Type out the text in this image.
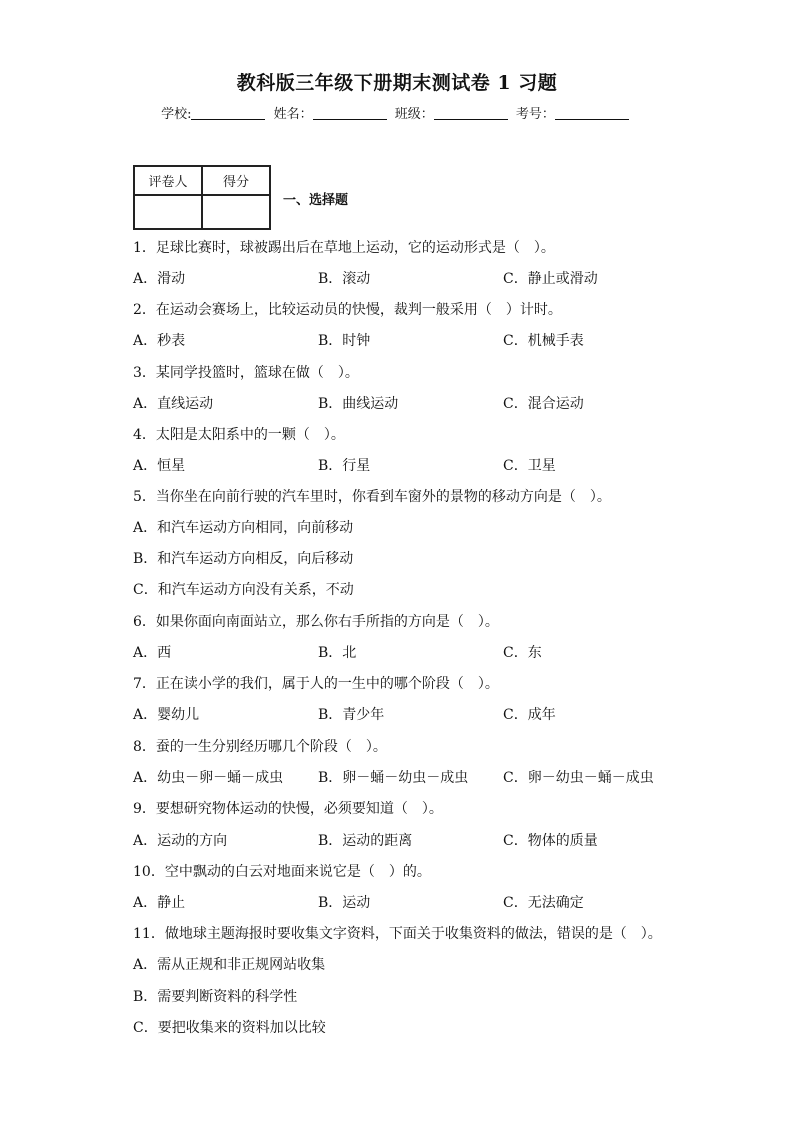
教科版三年级下册期末测试卷 1 习题
学校:	姓名：	班级：	考号：
评卷人	得分

一、选择题
1．足球比赛时，球被踢出后在草地上运动，它的运动形式是（　）。
A．滑动	B．滚动	C．静止或滑动
2．在运动会赛场上，比较运动员的快慢，裁判一般采用（　）计时。
A．秒表	B．时钟	C．机械手表
3．某同学投篮时，篮球在做（　）。
A．直线运动	B．曲线运动	C．混合运动
4．太阳是太阳系中的一颗（　）。
A．恒星	B．行星	C．卫星
5．当你坐在向前行驶的汽车里时，你看到车窗外的景物的移动方向是（　）。
A．和汽车运动方向相同，向前移动
B．和汽车运动方向相反，向后移动
C．和汽车运动方向没有关系，不动
6．如果你面向南面站立，那么你右手所指的方向是（　）。
A．西	B．北	C．东
7．正在读小学的我们，属于人的一生中的哪个阶段（　）。
A．婴幼儿	B．青少年	C．成年
8．蚕的一生分别经历哪几个阶段（　）。
A．幼虫－卵－蛹－成虫 B．卵－蛹－幼虫－成虫 C．卵－幼虫－蛹－成虫
9．要想研究物体运动的快慢，必须要知道（　）。
A．运动的方向	B．运动的距离	C．物体的质量
10．空中飘动的白云对地面来说它是（　）的。
A．静止	B．运动	C．无法确定
11．做地球主题海报时要收集文字资料，下面关于收集资料的做法，错误的是（　）。
A．需从正规和非正规网站收集
B．需要判断资料的科学性
C．要把收集来的资料加以比较
